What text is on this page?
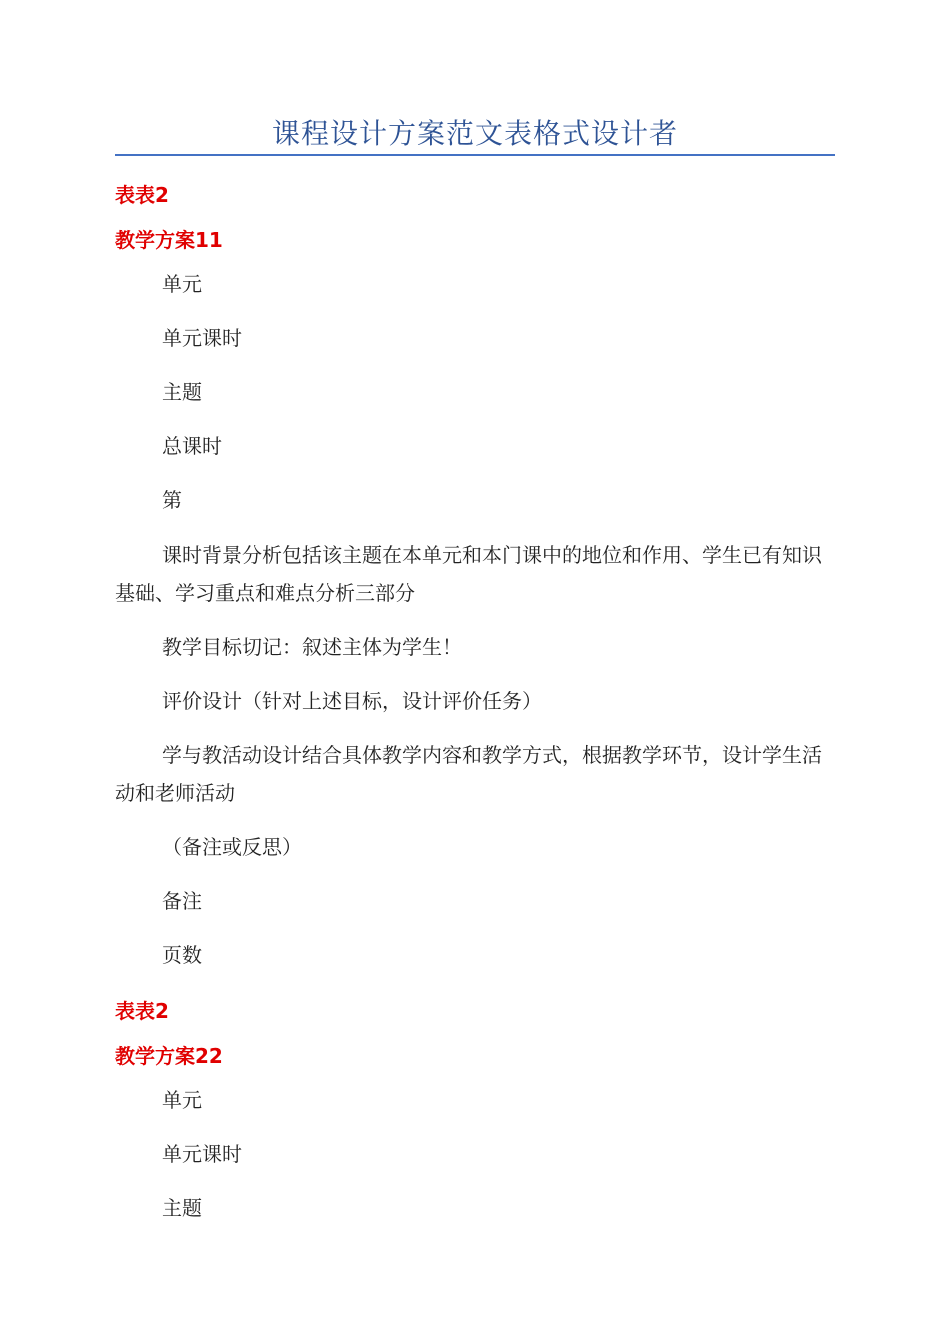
课程设计方案范文表格式设计者
表表2
教学方案11

单元

单元课时

主题

总课时

第

课时背景分析包括该主题在本单元和本门课中的地位和作用、学生已有知识基础、学习重点和难点分析三部分

教学目标切记：叙述主体为学生！

评价设计（针对上述目标，设计评价任务）

学与教活动设计结合具体教学内容和教学方式，根据教学环节，设计学生活动和老师活动

（备注或反思）

备注

页数

表表2
教学方案22

单元

单元课时

主题
